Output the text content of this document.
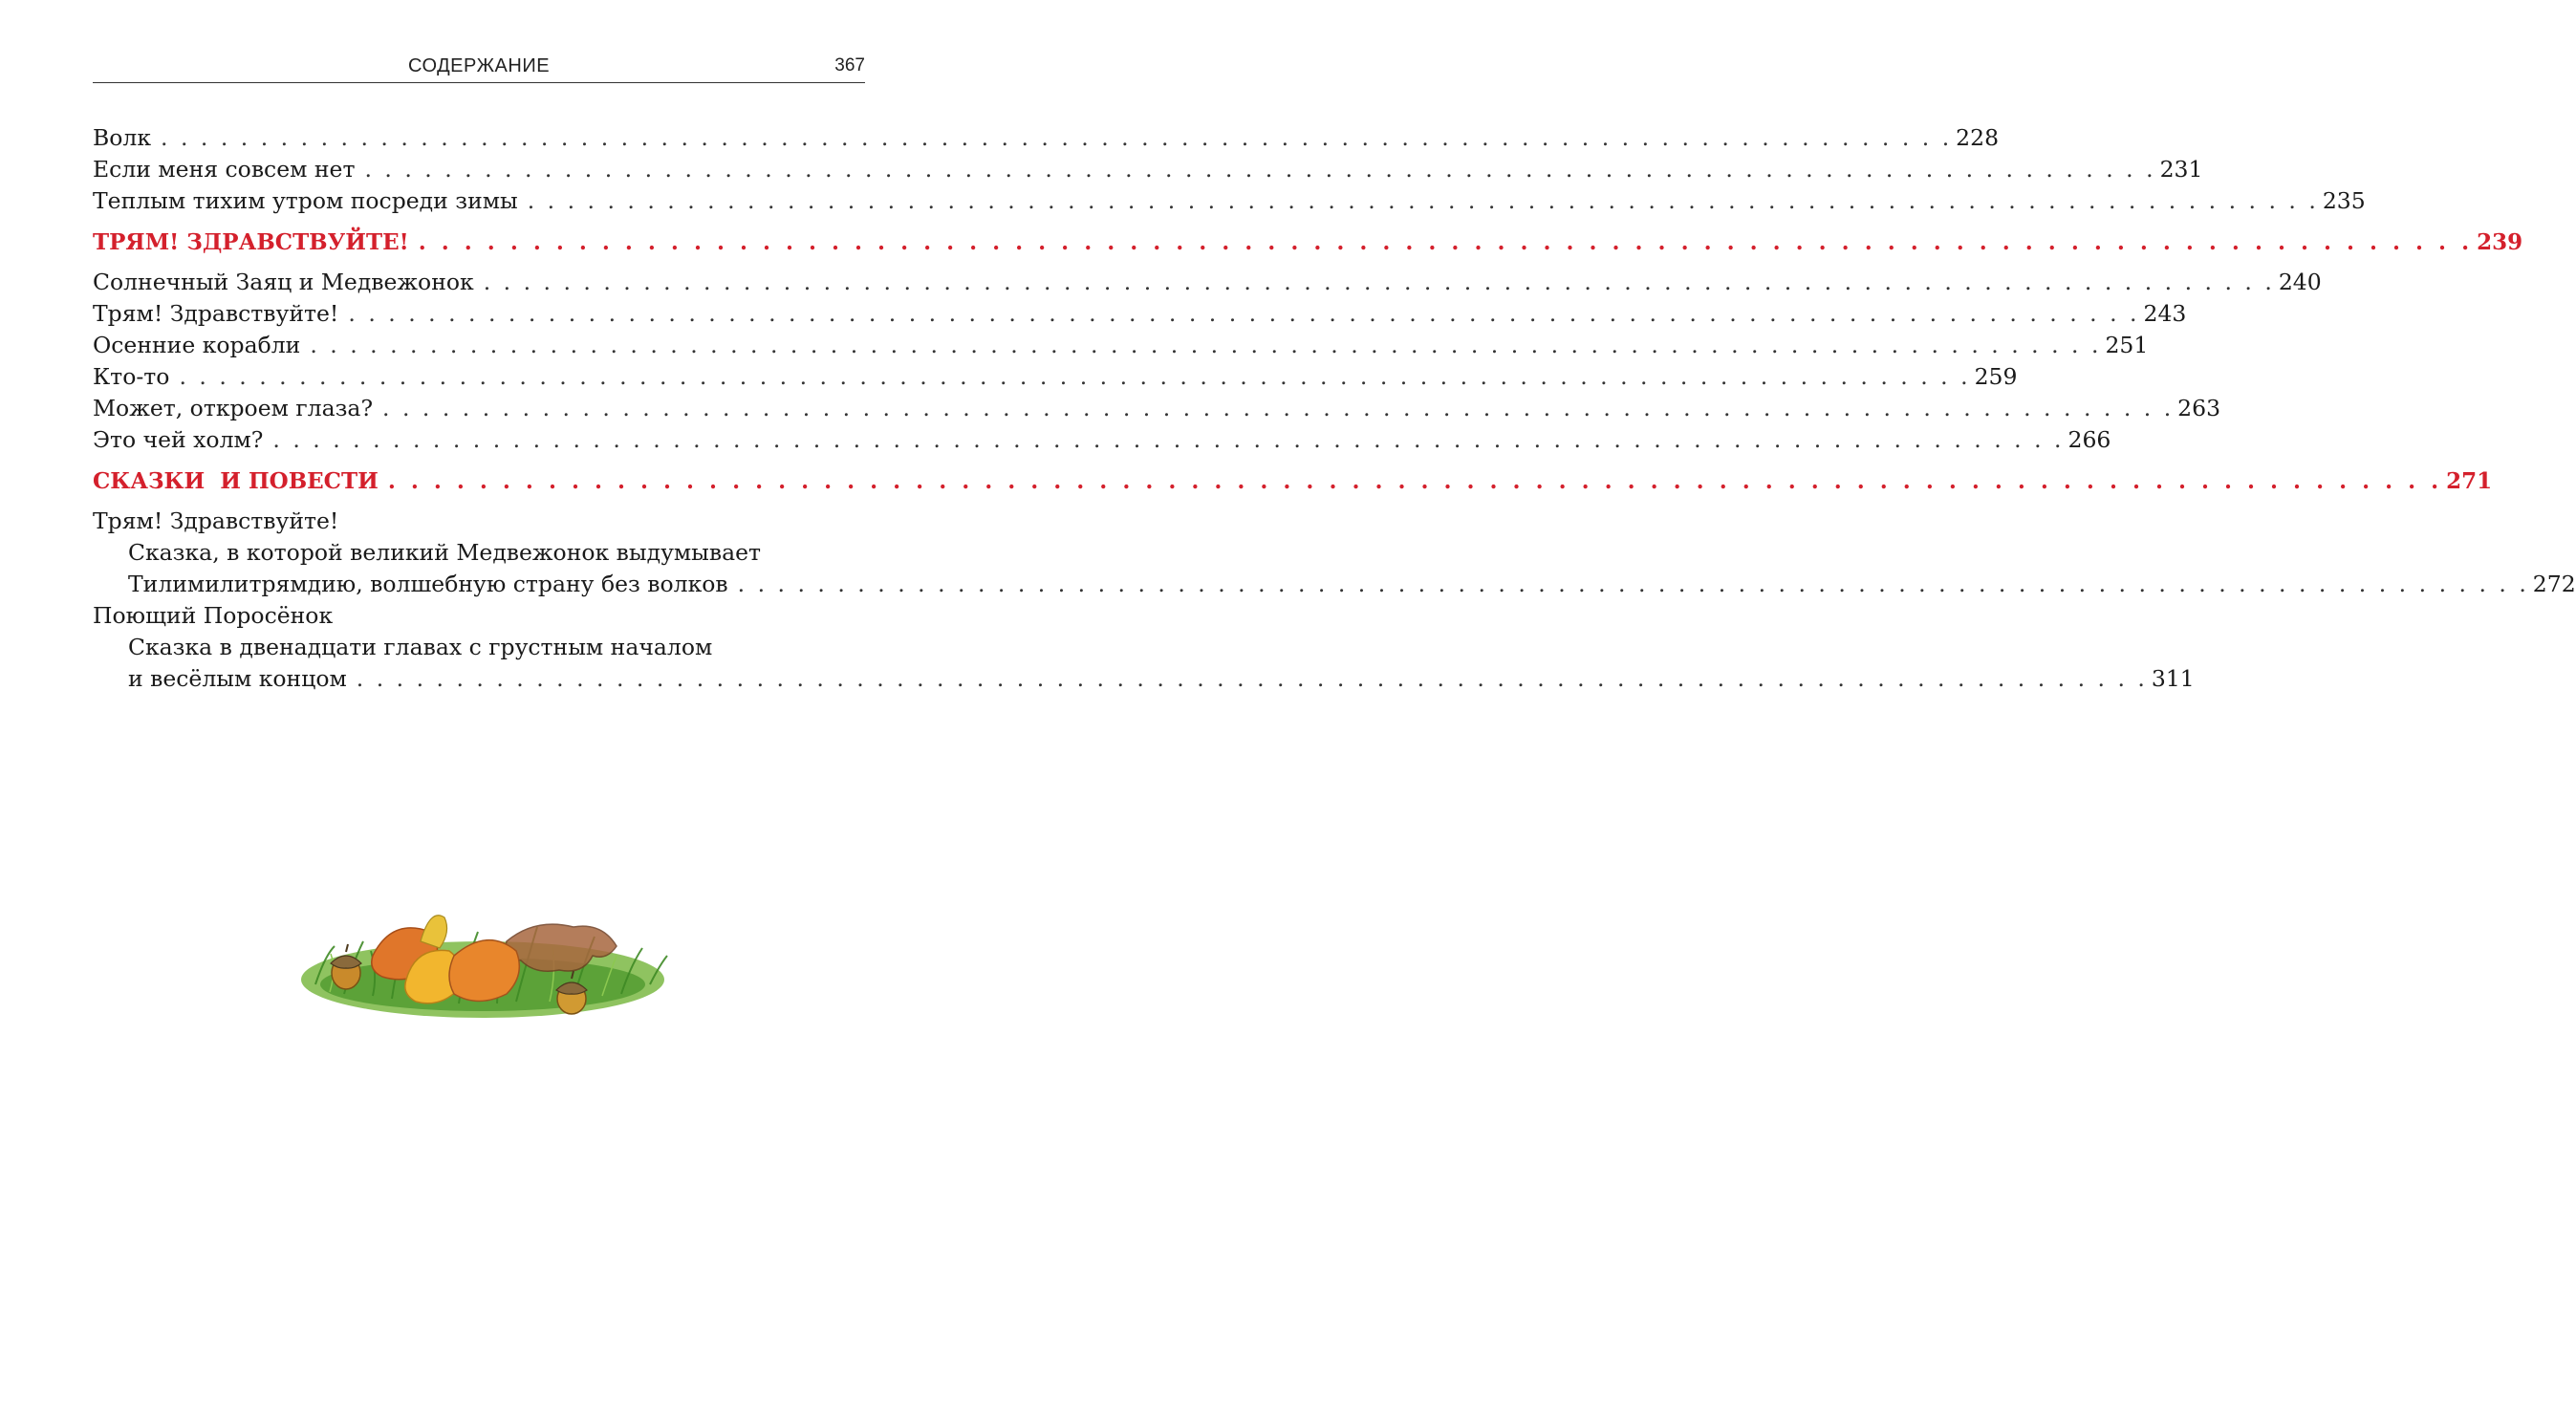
СОДЕРЖАНИЕ	367
Волк . . . . . . . . . . . . . . . . . . . . . . . . . . . . . . . . . . . . . . . . . . . . . . . . . . . . . . . . . . . . . . . . . . . . . . . . . . . . . . . . . . . . . . . . . . 228
Если меня совсем нет . . . . . . . . . . . . . . . . . . . . . . . . . . . . . . . . . . . . . . . . . . . . . . . . . . . . . . . . . . . . . . . . . . . . . . . . . . . . . . . . . . . . . . . . . . 231
Теплым тихим утром посреди зимы . . . . . . . . . . . . . . . . . . . . . . . . . . . . . . . . . . . . . . . . . . . . . . . . . . . . . . . . . . . . . . . . . . . . . . . . . . . . . . . . . . . . . . . . . . 235
ТРЯМ! ЗДРАВСТВУЙТЕ! . . . . . . . . . . . . . . . . . . . . . . . . . . . . . . . . . . . . . . . . . . . . . . . . . . . . . . . . . . . . . . . . . . . . . . . . . . . . . . . . . . . . . . . . . . 239
Солнечный Заяц и Медвежонок . . . . . . . . . . . . . . . . . . . . . . . . . . . . . . . . . . . . . . . . . . . . . . . . . . . . . . . . . . . . . . . . . . . . . . . . . . . . . . . . . . . . . . . . . . 240
Трям! Здравствуйте! . . . . . . . . . . . . . . . . . . . . . . . . . . . . . . . . . . . . . . . . . . . . . . . . . . . . . . . . . . . . . . . . . . . . . . . . . . . . . . . . . . . . . . . . . . 243
Осенние корабли . . . . . . . . . . . . . . . . . . . . . . . . . . . . . . . . . . . . . . . . . . . . . . . . . . . . . . . . . . . . . . . . . . . . . . . . . . . . . . . . . . . . . . . . . . 251
Кто-то . . . . . . . . . . . . . . . . . . . . . . . . . . . . . . . . . . . . . . . . . . . . . . . . . . . . . . . . . . . . . . . . . . . . . . . . . . . . . . . . . . . . . . . . . . 259
Может, откроем глаза? . . . . . . . . . . . . . . . . . . . . . . . . . . . . . . . . . . . . . . . . . . . . . . . . . . . . . . . . . . . . . . . . . . . . . . . . . . . . . . . . . . . . . . . . . . 263
Это чей холм? . . . . . . . . . . . . . . . . . . . . . . . . . . . . . . . . . . . . . . . . . . . . . . . . . . . . . . . . . . . . . . . . . . . . . . . . . . . . . . . . . . . . . . . . . . 266
СКАЗКИ  И ПОВЕСТИ . . . . . . . . . . . . . . . . . . . . . . . . . . . . . . . . . . . . . . . . . . . . . . . . . . . . . . . . . . . . . . . . . . . . . . . . . . . . . . . . . . . . . . . . . . 271
Трям! Здравствуйте!
Сказка, в которой великий Медвежонок выдумывает
Тилимилитрямдию, волшебную страну без волков . . . . . . . . . . . . . . . . . . . . . . . . . . . . . . . . . . . . . . . . . . . . . . . . . . . . . . . . . . . . . . . . . . . . . . . . . . . . . . . . . . . . . . . . . . 272
Поющий Поросёнок
Сказка в двенадцати главах с грустным началом
и весёлым концом . . . . . . . . . . . . . . . . . . . . . . . . . . . . . . . . . . . . . . . . . . . . . . . . . . . . . . . . . . . . . . . . . . . . . . . . . . . . . . . . . . . . . . . . . . 311
